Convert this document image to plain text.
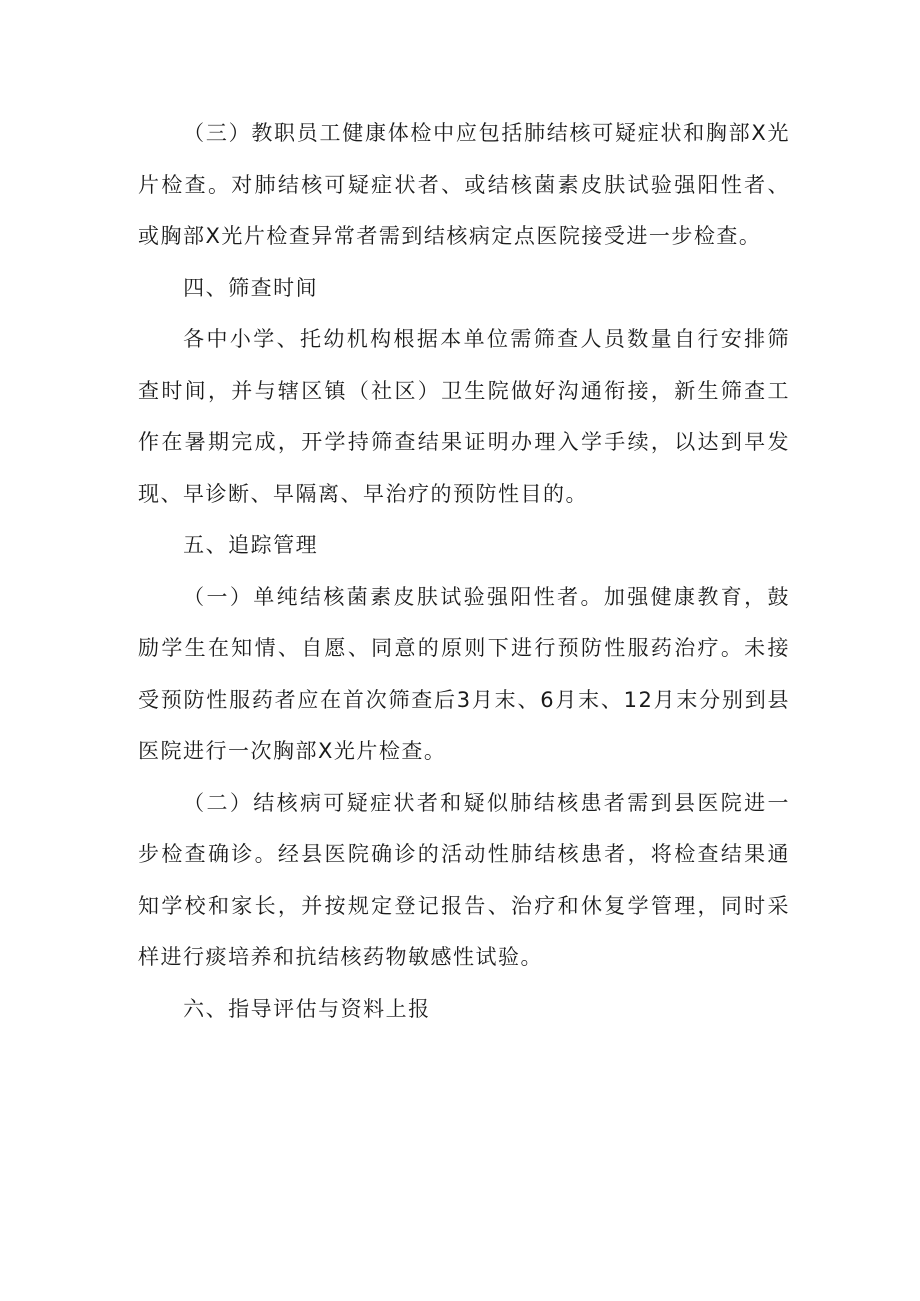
（三）教职员工健康体检中应包括肺结核可疑症状和胸部X光片检查。对肺结核可疑症状者、或结核菌素皮肤试验强阳性者、或胸部X光片检查异常者需到结核病定点医院接受进一步检查。

四、筛查时间

各中小学、托幼机构根据本单位需筛查人员数量自行安排筛查时间，并与辖区镇（社区）卫生院做好沟通衔接，新生筛查工作在暑期完成，开学持筛查结果证明办理入学手续，以达到早发现、早诊断、早隔离、早治疗的预防性目的。

五、追踪管理

（一）单纯结核菌素皮肤试验强阳性者。加强健康教育，鼓励学生在知情、自愿、同意的原则下进行预防性服药治疗。未接受预防性服药者应在首次筛查后3月末、6月末、12月末分别到县医院进行一次胸部X光片检查。

（二）结核病可疑症状者和疑似肺结核患者需到县医院进一步检查确诊。经县医院确诊的活动性肺结核患者，将检查结果通知学校和家长，并按规定登记报告、治疗和休复学管理，同时采样进行痰培养和抗结核药物敏感性试验。

六、指导评估与资料上报
